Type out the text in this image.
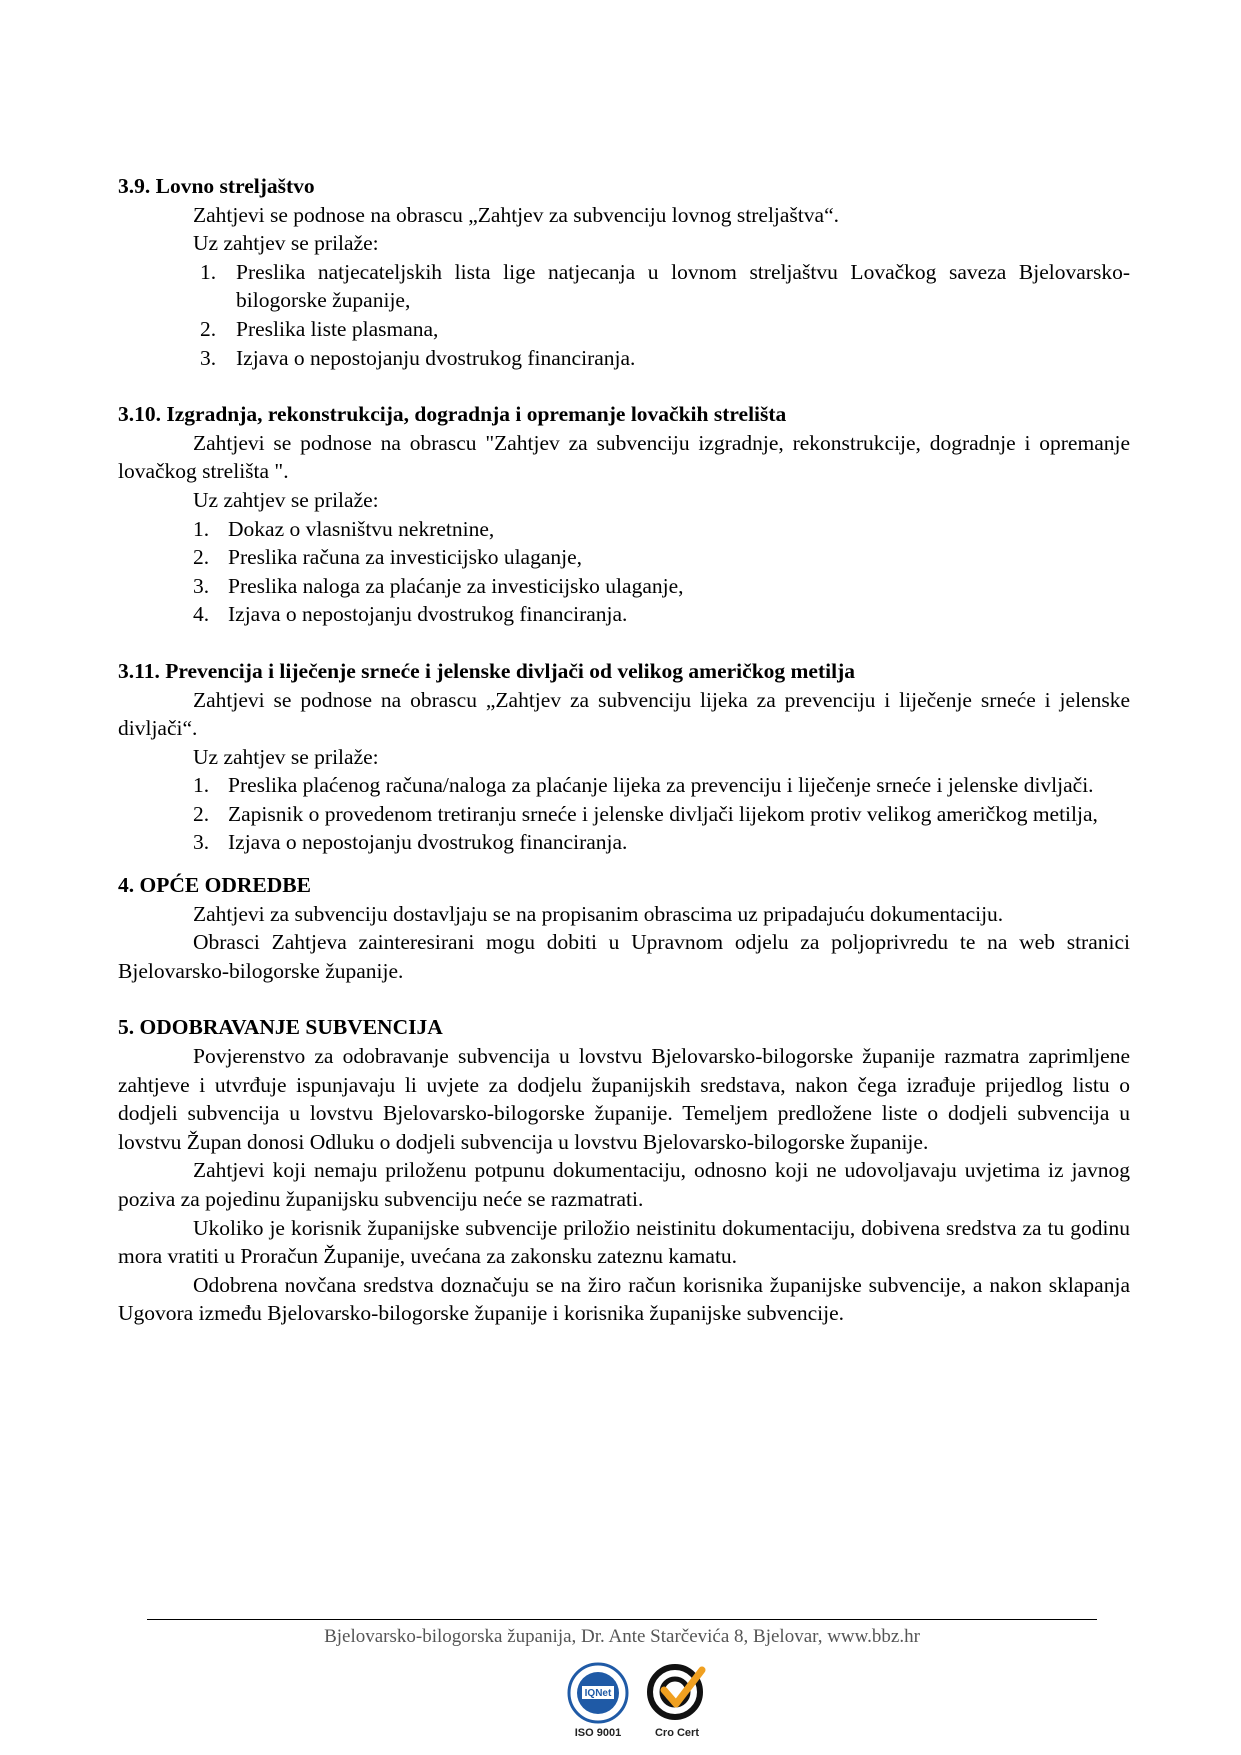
3.9. Lovno streljaštvo

Zahtjevi se podnose na obrascu „Zahtjev za subvenciju lovnog streljaštva“.

Uz zahtjev se prilaže:

1. Preslika natjecateljskih lista lige natjecanja u lovnom streljaštvu Lovačkog saveza Bjelovarsko-bilogorske županije,
2. Preslika liste plasmana,
3. Izjava o nepostojanju dvostrukog financiranja.

3.10. Izgradnja, rekonstrukcija, dogradnja i opremanje lovačkih strelišta

Zahtjevi se podnose na obrascu "Zahtjev za subvenciju izgradnje, rekonstrukcije, dogradnje i opremanje lovačkog strelišta ".

Uz zahtjev se prilaže:

1. Dokaz o vlasništvu nekretnine,
2. Preslika računa za investicijsko ulaganje,
3. Preslika naloga za plaćanje za investicijsko ulaganje,
4. Izjava o nepostojanju dvostrukog financiranja.

3.11. Prevencija i liječenje srneće i jelenske divljači od velikog američkog metilja

Zahtjevi se podnose na obrascu „Zahtjev za subvenciju lijeka za prevenciju i liječenje srneće i jelenske divljači“.

Uz zahtjev se prilaže:

1. Preslika plaćenog računa/naloga za plaćanje lijeka za prevenciju i liječenje srneće i jelenske divljači.
2. Zapisnik o provedenom tretiranju srneće i jelenske divljači lijekom protiv velikog američkog metilja,
3. Izjava o nepostojanju dvostrukog financiranja.

4. OPĆE ODREDBE

Zahtjevi za subvenciju dostavljaju se na propisanim obrascima uz pripadajuću dokumentaciju.

Obrasci Zahtjeva zainteresirani mogu dobiti u Upravnom odjelu za poljoprivredu te na web stranici Bjelovarsko-bilogorske županije.

5. ODOBRAVANJE SUBVENCIJA

Povjerenstvo za odobravanje subvencija u lovstvu Bjelovarsko-bilogorske županije razmatra zaprimljene zahtjeve i utvrđuje ispunjavaju li uvjete za dodjelu županijskih sredstava, nakon čega izrađuje prijedlog listu o dodjeli subvencija u lovstvu Bjelovarsko-bilogorske županije. Temeljem predložene liste o dodjeli subvencija u lovstvu Župan donosi Odluku o dodjeli subvencija u lovstvu Bjelovarsko-bilogorske županije.

Zahtjevi koji nemaju priloženu potpunu dokumentaciju, odnosno koji ne udovoljavaju uvjetima iz javnog poziva za pojedinu županijsku subvenciju neće se razmatrati.

Ukoliko je korisnik županijske subvencije priložio neistinitu dokumentaciju, dobivena sredstva za tu godinu mora vratiti u Proračun Županije, uvećana za zakonsku zateznu kamatu.

Odobrena novčana sredstva doznačuju se na žiro račun korisnika županijske subvencije, a nakon sklapanja Ugovora između Bjelovarsko-bilogorske županije i korisnika županijske subvencije.

Bjelovarsko-bilogorska županija, Dr. Ante Starčevića 8, Bjelovar, www.bbz.hr
IQNet
ISO 9001	Cro Cert
